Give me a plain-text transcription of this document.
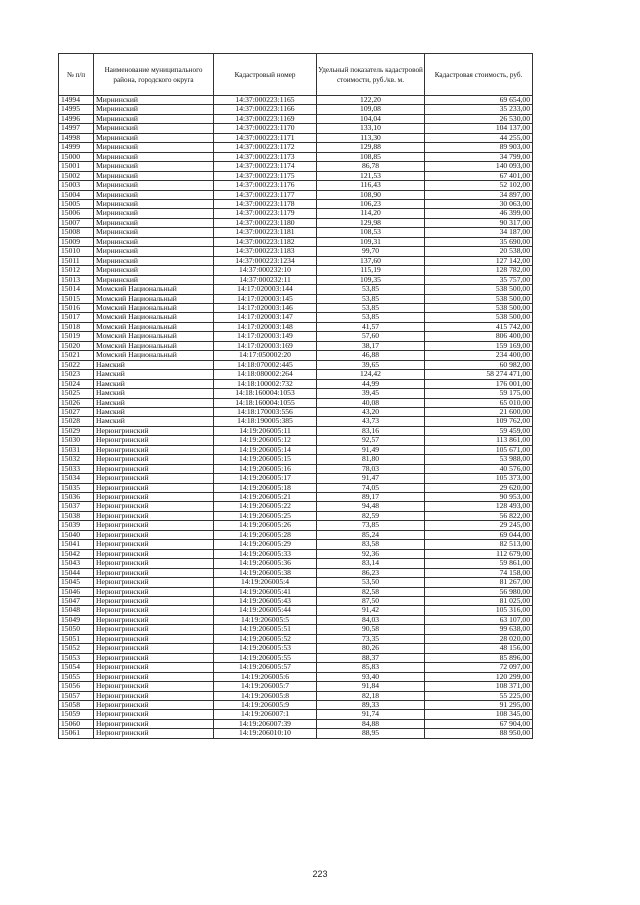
№ п/п	Наименование муниципального района, городского округа	Кадастровый номер	Удельный показатель кадастровой стоимости, руб./кв. м.	Кадастровая стоимость, руб.
14994	Мирнинский	14:37:000223:1165	122,20	69 654,00
14995	Мирнинский	14:37:000223:1166	109,08	35 233,00
14996	Мирнинский	14:37:000223:1169	104,04	26 530,00
14997	Мирнинский	14:37:000223:1170	133,10	104 137,00
14998	Мирнинский	14:37:000223:1171	113,30	44 255,00
14999	Мирнинский	14:37:000223:1172	129,88	89 903,00
15000	Мирнинский	14:37:000223:1173	108,85	34 799,00
15001	Мирнинский	14:37:000223:1174	86,78	140 093,00
15002	Мирнинский	14:37:000223:1175	121,53	67 401,00
15003	Мирнинский	14:37:000223:1176	116,43	52 102,00
15004	Мирнинский	14:37:000223:1177	108,90	34 897,00
15005	Мирнинский	14:37:000223:1178	106,23	30 063,00
15006	Мирнинский	14:37:000223:1179	114,20	46 399,00
15007	Мирнинский	14:37:000223:1180	129,98	90 317,00
15008	Мирнинский	14:37:000223:1181	108,53	34 187,00
15009	Мирнинский	14:37:000223:1182	109,31	35 690,00
15010	Мирнинский	14:37:000223:1183	99,70	20 538,00
15011	Мирнинский	14:37:000223:1234	137,60	127 142,00
15012	Мирнинский	14:37:000232:10	115,19	128 782,00
15013	Мирнинский	14:37:000232:11	109,35	35 757,00
15014	Момский Национальный	14:17:020003:144	53,85	538 500,00
15015	Момский Национальный	14:17:020003:145	53,85	538 500,00
15016	Момский Национальный	14:17:020003:146	53,85	538 500,00
15017	Момский Национальный	14:17:020003:147	53,85	538 500,00
15018	Момский Национальный	14:17:020003:148	41,57	415 742,00
15019	Момский Национальный	14:17:020003:149	57,60	806 400,00
15020	Момский Национальный	14:17:020003:169	38,17	159 169,00
15021	Момский Национальный	14:17:050002:20	46,88	234 400,00
15022	Намский	14:18:070002:445	39,65	60 982,00
15023	Намский	14:18:080002:264	124,42	58 274 471,00
15024	Намский	14:18:100002:732	44,99	176 001,00
15025	Намский	14:18:160004:1053	39,45	59 175,00
15026	Намский	14:18:160004:1055	40,08	65 010,00
15027	Намский	14:18:170003:556	43,20	21 600,00
15028	Намский	14:18:190005:385	43,73	109 762,00
15029	Нерюнгринский	14:19:206005:11	83,16	59 459,00
15030	Нерюнгринский	14:19:206005:12	92,57	113 861,00
15031	Нерюнгринский	14:19:206005:14	91,49	105 671,00
15032	Нерюнгринский	14:19:206005:15	81,80	53 988,00
15033	Нерюнгринский	14:19:206005:16	78,03	40 576,00
15034	Нерюнгринский	14:19:206005:17	91,47	105 373,00
15035	Нерюнгринский	14:19:206005:18	74,05	29 620,00
15036	Нерюнгринский	14:19:206005:21	89,17	90 953,00
15037	Нерюнгринский	14:19:206005:22	94,48	128 493,00
15038	Нерюнгринский	14:19:206005:25	82,59	56 822,00
15039	Нерюнгринский	14:19:206005:26	73,85	29 245,00
15040	Нерюнгринский	14:19:206005:28	85,24	69 044,00
15041	Нерюнгринский	14:19:206005:29	83,58	82 513,00
15042	Нерюнгринский	14:19:206005:33	92,36	112 679,00
15043	Нерюнгринский	14:19:206005:36	83,14	59 861,00
15044	Нерюнгринский	14:19:206005:38	86,23	74 158,00
15045	Нерюнгринский	14:19:206005:4	53,50	81 267,00
15046	Нерюнгринский	14:19:206005:41	82,58	56 980,00
15047	Нерюнгринский	14:19:206005:43	87,50	81 025,00
15048	Нерюнгринский	14:19:206005:44	91,42	105 316,00
15049	Нерюнгринский	14:19:206005:5	84,03	63 107,00
15050	Нерюнгринский	14:19:206005:51	90,58	99 638,00
15051	Нерюнгринский	14:19:206005:52	73,35	28 020,00
15052	Нерюнгринский	14:19:206005:53	80,26	48 156,00
15053	Нерюнгринский	14:19:206005:55	88,37	85 896,00
15054	Нерюнгринский	14:19:206005:57	85,83	72 097,00
15055	Нерюнгринский	14:19:206005:6	93,40	120 299,00
15056	Нерюнгринский	14:19:206005:7	91,84	108 371,00
15057	Нерюнгринский	14:19:206005:8	82,18	55 225,00
15058	Нерюнгринский	14:19:206005:9	89,33	91 295,00
15059	Нерюнгринский	14:19:206007:1	91,74	108 345,00
15060	Нерюнгринский	14:19:206007:39	84,88	67 904,00
15061	Нерюнгринский	14:19:206010:10	88,95	88 950,00
223
